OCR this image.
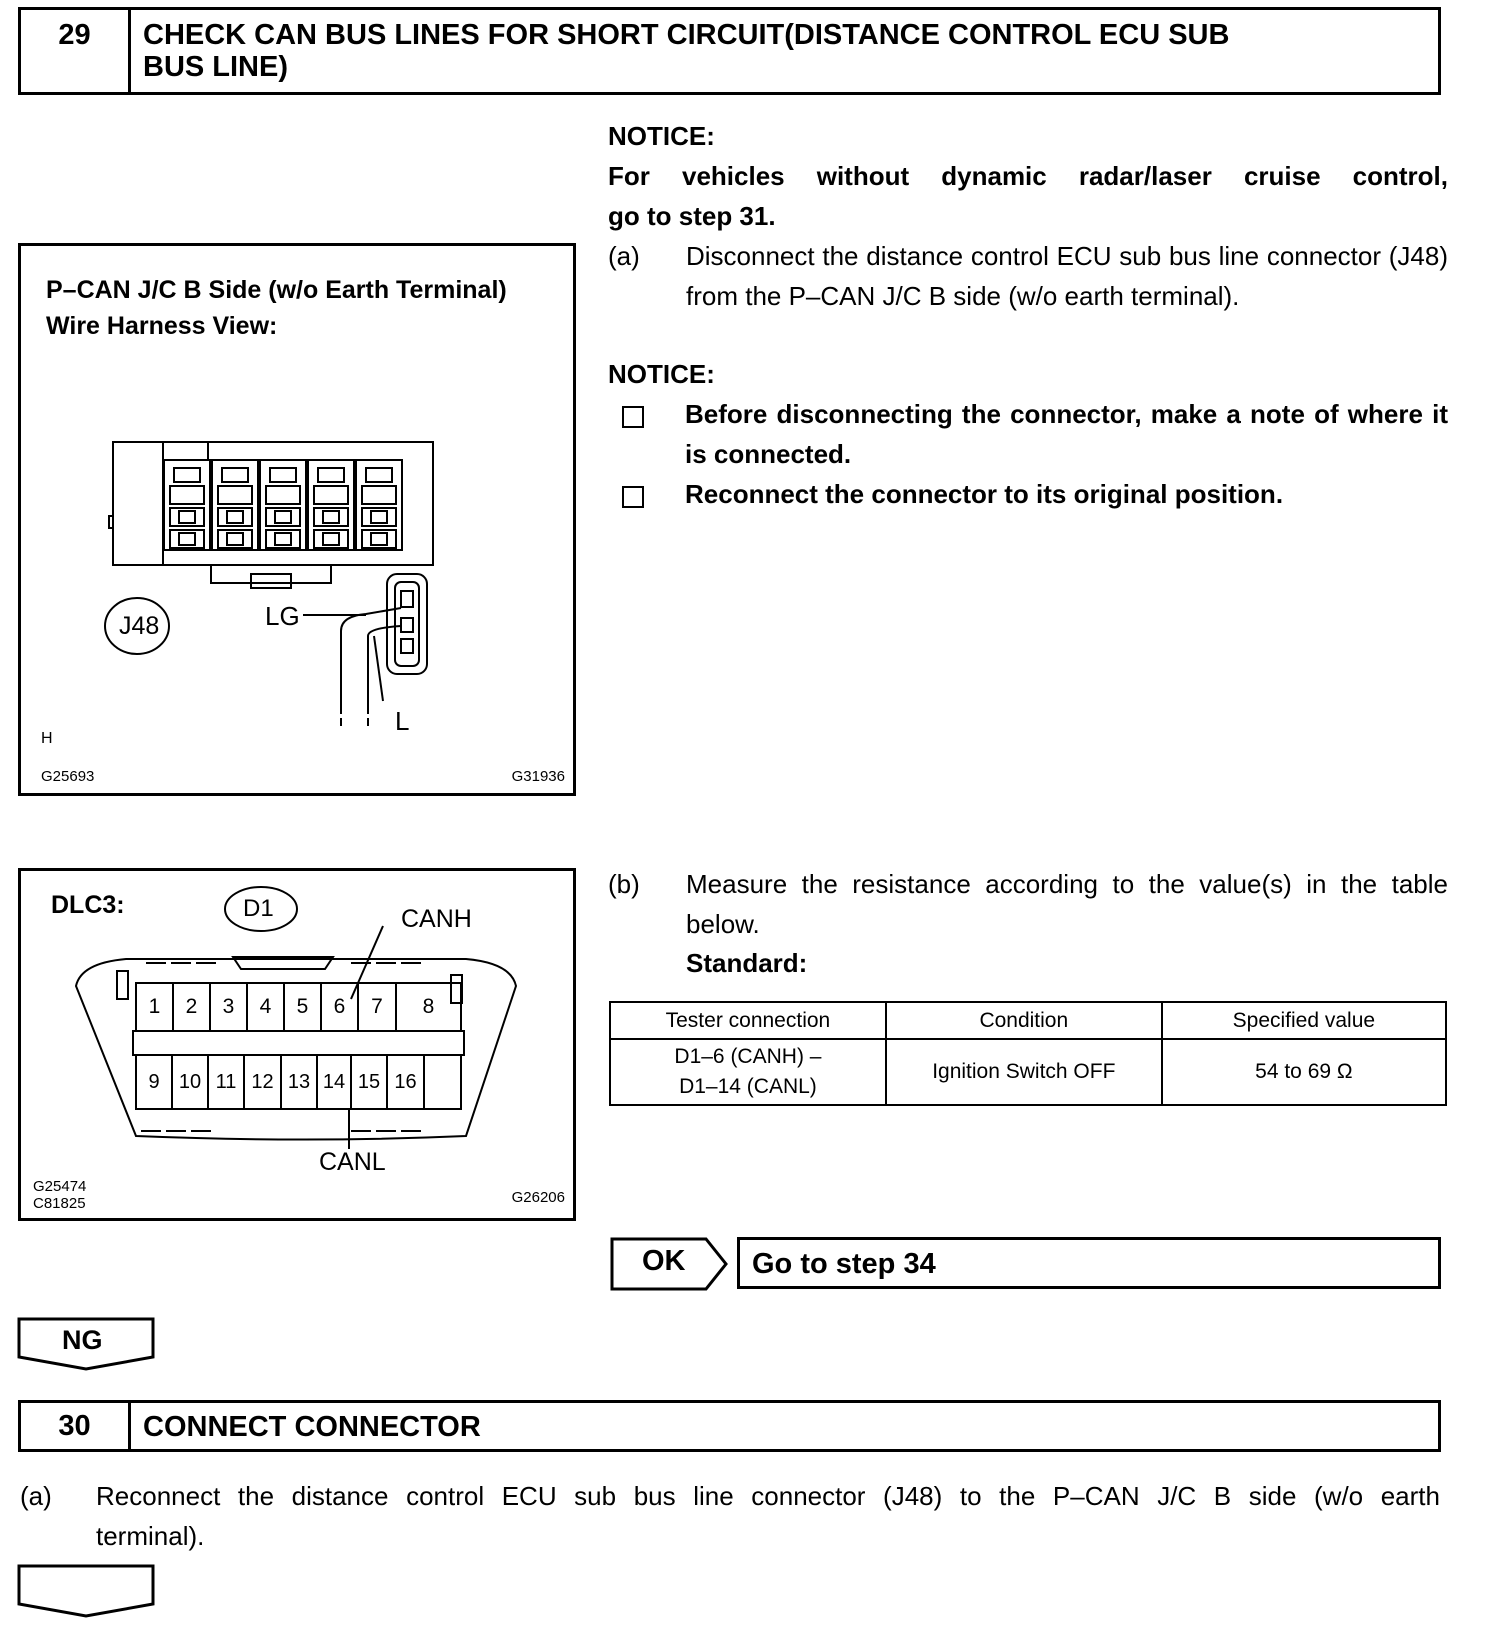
29	CHECK CAN BUS LINES FOR SHORT CIRCUIT(DISTANCE CONTROL ECU SUB
BUS LINE)
NOTICE:
For vehicles without dynamic radar/laser cruise control,
go to step 31.
(a) Disconnect the distance control ECU sub bus line connector (J48) from the P–CAN J/C B side (w/o earth terminal).
NOTICE:
Before disconnecting the connector, make a note of where it is connected.
Reconnect the connector to its original position.
P–CAN J/C B Side (w/o Earth Terminal)
Wire Harness View:
J48	LG
L
H
G25693	G31936
DLC3:	D1	CANH
CANL
1	2	3	4	5	6	7	8
9 10 11 12 13 14 15 16
G25474
C81825	G26206
(b) Measure the resistance according to the value(s) in the table below.
Standard:
Tester connection	Condition	Specified value

D1–6 (CANH) –
D1–14 (CANL)	Ignition Switch OFF	54 to 69 Ω
OK Go to step 34
NG
30	CONNECT CONNECTOR
(a) Reconnect the distance control ECU sub bus line connector (J48) to the P–CAN J/C B side (w/o earth
terminal).
